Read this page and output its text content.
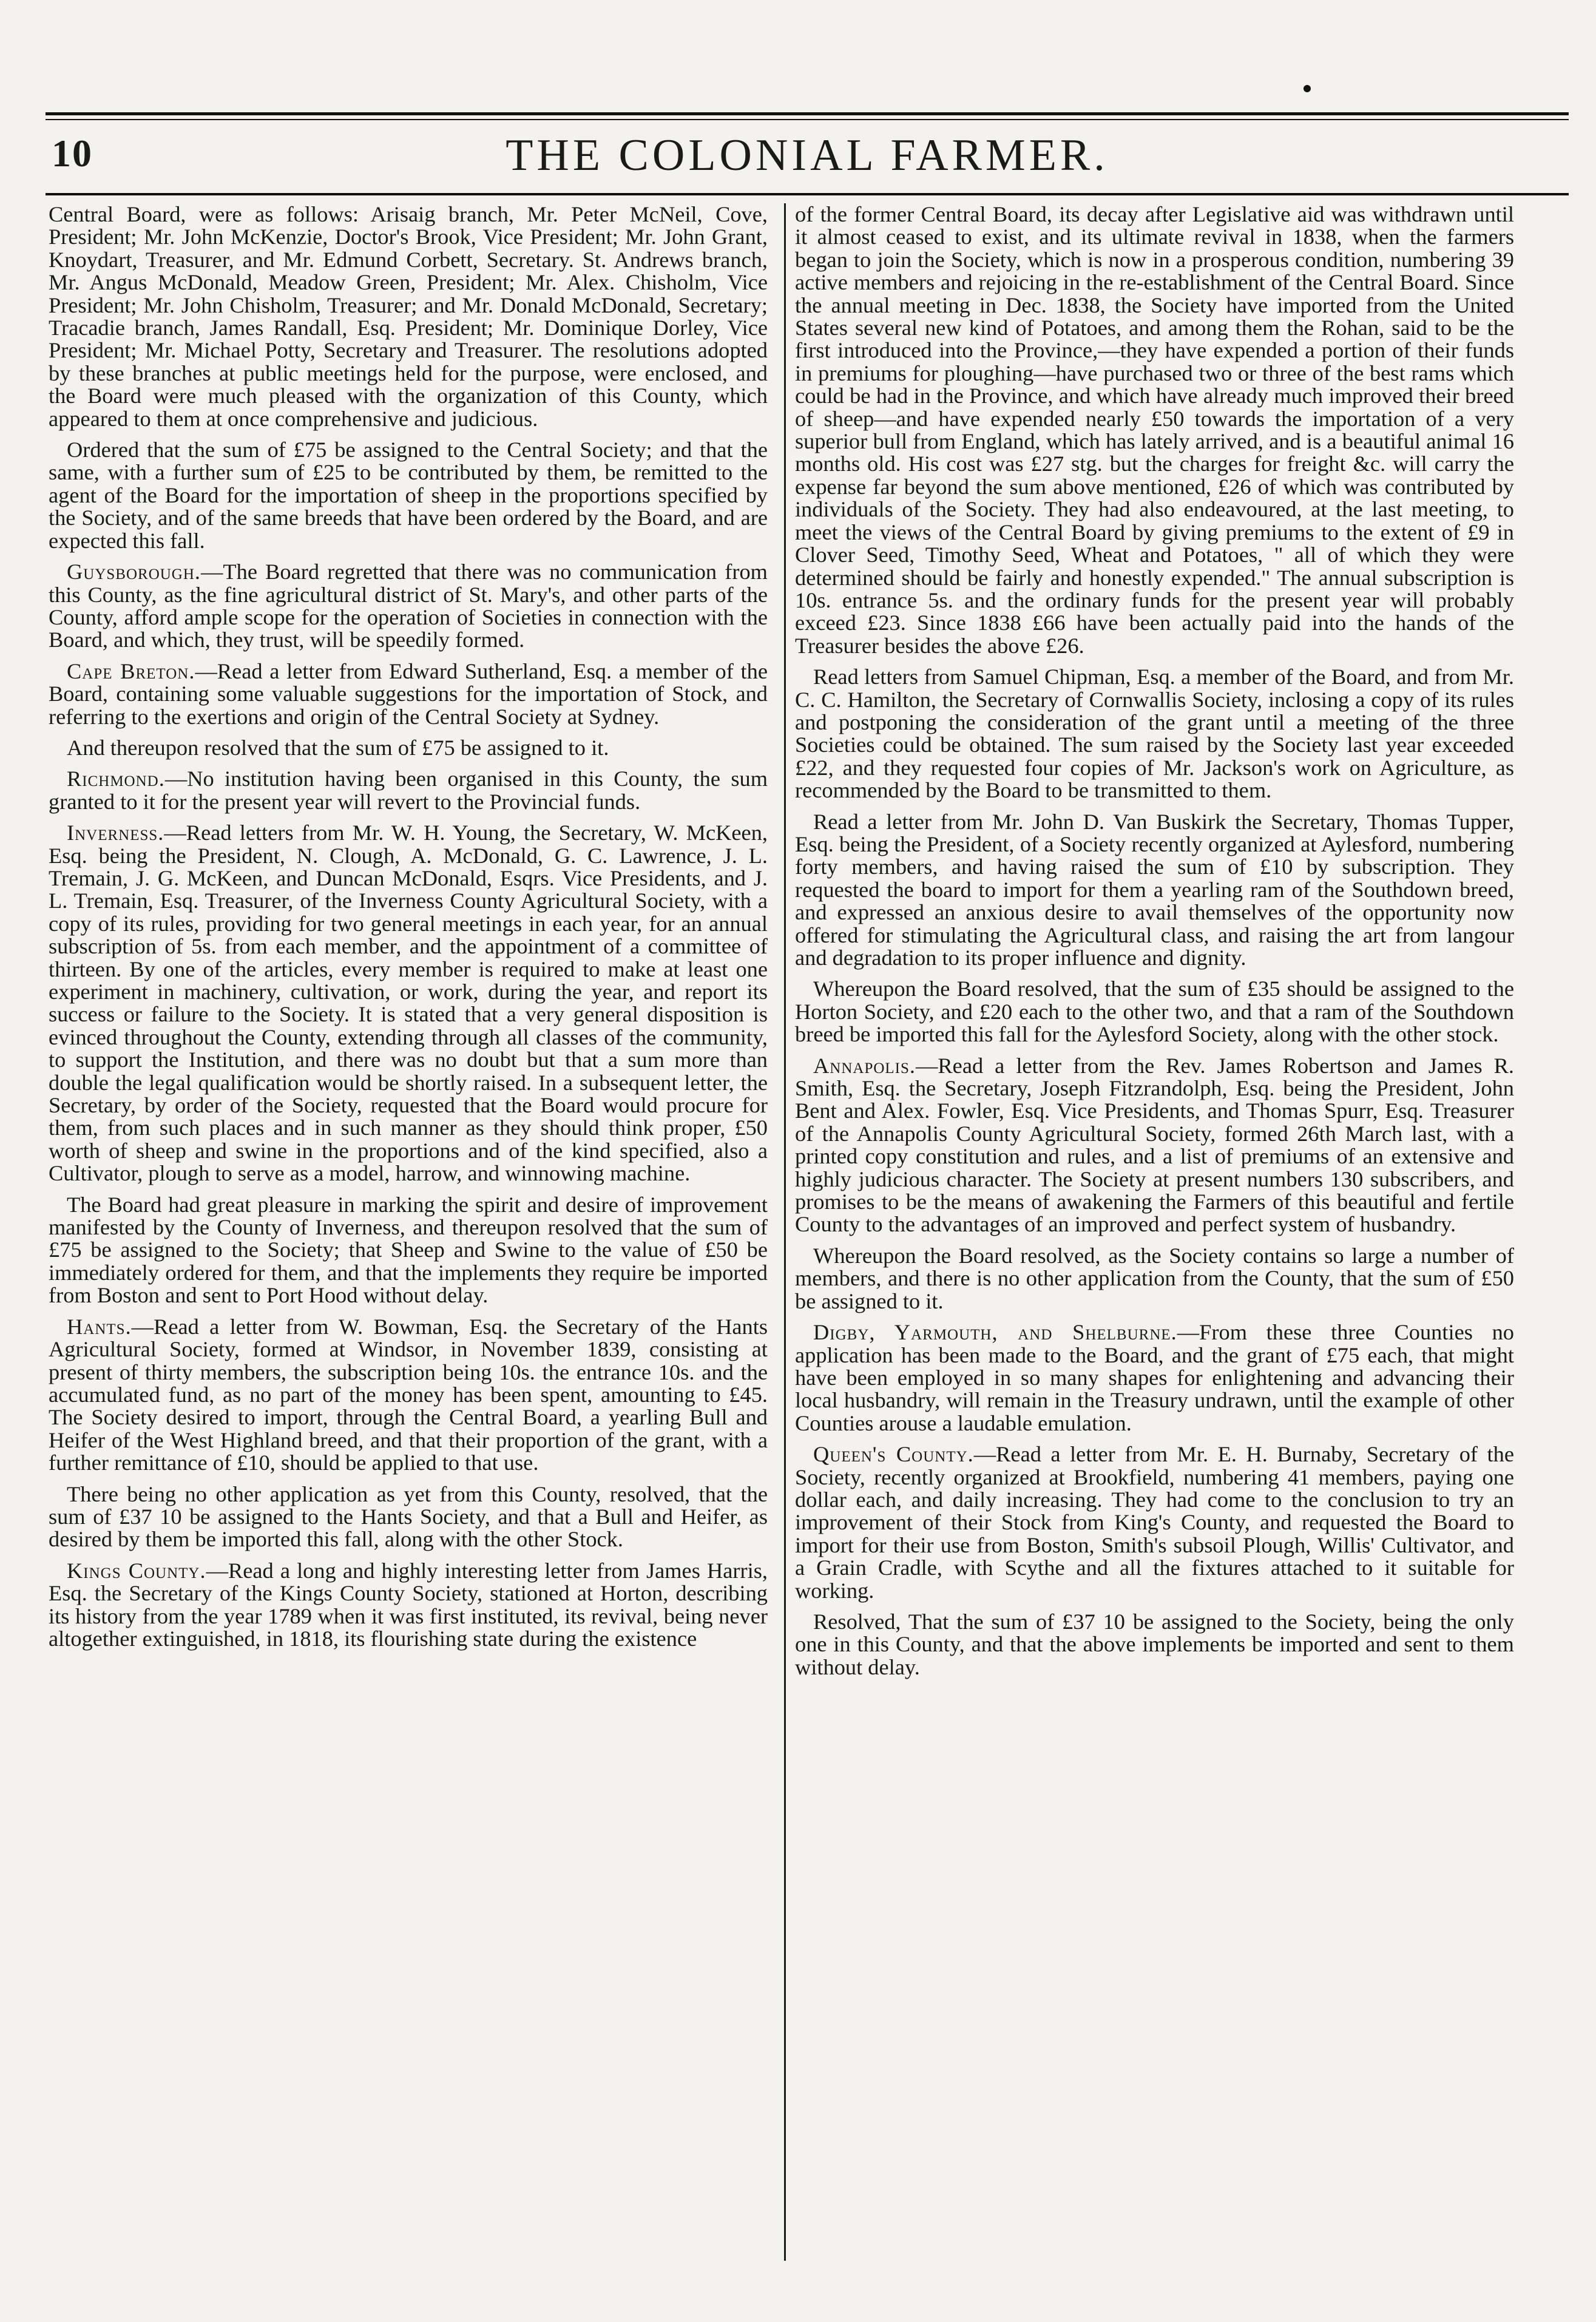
10	THE COLONIAL FARMER.

Central Board, were as follows: Arisaig branch, Mr. Peter McNeil, Cove, President; Mr. John McKenzie, Doctor's Brook, Vice President; Mr. John Grant, Knoydart, Treasurer, and Mr. Edmund Corbett, Secretary. St. Andrews branch, Mr. Angus McDonald, Meadow Green, President; Mr. Alex. Chisholm, Vice President; Mr. John Chisholm, Treasurer; and Mr. Donald McDonald, Secretary; Tracadie branch, James Randall, Esq. President; Mr. Dominique Dorley, Vice President; Mr. Michael Potty, Secretary and Treasurer. The resolutions adopted by these branches at public meetings held for the purpose, were enclosed, and the Board were much pleased with the organization of this County, which appeared to them at once comprehensive and judicious.

Ordered that the sum of £75 be assigned to the Central Society; and that the same, with a further sum of £25 to be contributed by them, be remitted to the agent of the Board for the importation of sheep in the proportions specified by the Society, and of the same breeds that have been ordered by the Board, and are expected this fall.

Guysborough.—The Board regretted that there was no communication from this County, as the fine agricultural district of St. Mary's, and other parts of the County, afford ample scope for the operation of Societies in connection with the Board, and which, they trust, will be speedily formed.

Cape Breton.—Read a letter from Edward Sutherland, Esq. a member of the Board, containing some valuable suggestions for the importation of Stock, and referring to the exertions and origin of the Central Society at Sydney.

And thereupon resolved that the sum of £75 be assigned to it.

Richmond.—No institution having been organised in this County, the sum granted to it for the present year will revert to the Provincial funds.

Inverness.—Read letters from Mr. W. H. Young, the Secretary, W. McKeen, Esq. being the President, N. Clough, A. McDonald, G. C. Lawrence, J. L. Tremain, J. G. McKeen, and Duncan McDonald, Esqrs. Vice Presidents, and J. L. Tremain, Esq. Treasurer, of the Inverness County Agricultural Society, with a copy of its rules, providing for two general meetings in each year, for an annual subscription of 5s. from each member, and the appointment of a committee of thirteen. By one of the articles, every member is required to make at least one experiment in machinery, cultivation, or work, during the year, and report its success or failure to the Society. It is stated that a very general disposition is evinced throughout the County, extending through all classes of the community, to support the Institution, and there was no doubt but that a sum more than double the legal qualification would be shortly raised. In a subsequent letter, the Secretary, by order of the Society, requested that the Board would procure for them, from such places and in such manner as they should think proper, £50 worth of sheep and swine in the proportions and of the kind specified, also a Cultivator, plough to serve as a model, harrow, and winnowing machine.

The Board had great pleasure in marking the spirit and desire of improvement manifested by the County of Inverness, and thereupon resolved that the sum of £75 be assigned to the Society; that Sheep and Swine to the value of £50 be immediately ordered for them, and that the implements they require be imported from Boston and sent to Port Hood without delay.

Hants.—Read a letter from W. Bowman, Esq. the Secretary of the Hants Agricultural Society, formed at Windsor, in November 1839, consisting at present of thirty members, the subscription being 10s. the entrance 10s. and the accumulated fund, as no part of the money has been spent, amounting to £45. The Society desired to import, through the Central Board, a yearling Bull and Heifer of the West Highland breed, and that their proportion of the grant, with a further remittance of £10, should be applied to that use.

There being no other application as yet from this County, resolved, that the sum of £37 10 be assigned to the Hants Society, and that a Bull and Heifer, as desired by them be imported this fall, along with the other Stock.

Kings County.—Read a long and highly interesting letter from James Harris, Esq. the Secretary of the Kings County Society, stationed at Horton, describing its history from the year 1789 when it was first instituted, its revival, being never altogether extinguished, in 1818, its flourishing state during the existence

of the former Central Board, its decay after Legislative aid was withdrawn until it almost ceased to exist, and its ultimate revival in 1838, when the farmers began to join the Society, which is now in a prosperous condition, numbering 39 active members and rejoicing in the re-establishment of the Central Board. Since the annual meeting in Dec. 1838, the Society have imported from the United States several new kind of Potatoes, and among them the Rohan, said to be the first introduced into the Province,—they have expended a portion of their funds in premiums for ploughing—have purchased two or three of the best rams which could be had in the Province, and which have already much improved their breed of sheep—and have expended nearly £50 towards the importation of a very superior bull from England, which has lately arrived, and is a beautiful animal 16 months old. His cost was £27 stg. but the charges for freight &c. will carry the expense far beyond the sum above mentioned, £26 of which was contributed by individuals of the Society. They had also endeavoured, at the last meeting, to meet the views of the Central Board by giving premiums to the extent of £9 in Clover Seed, Timothy Seed, Wheat and Potatoes, " all of which they were determined should be fairly and honestly expended." The annual subscription is 10s. entrance 5s. and the ordinary funds for the present year will probably exceed £23. Since 1838 £66 have been actually paid into the hands of the Treasurer besides the above £26.

Read letters from Samuel Chipman, Esq. a member of the Board, and from Mr. C. C. Hamilton, the Secretary of Cornwallis Society, inclosing a copy of its rules and postponing the consideration of the grant until a meeting of the three Societies could be obtained. The sum raised by the Society last year exceeded £22, and they requested four copies of Mr. Jackson's work on Agriculture, as recommended by the Board to be transmitted to them.

Read a letter from Mr. John D. Van Buskirk the Secretary, Thomas Tupper, Esq. being the President, of a Society recently organized at Aylesford, numbering forty members, and having raised the sum of £10 by subscription. They requested the board to import for them a yearling ram of the Southdown breed, and expressed an anxious desire to avail themselves of the opportunity now offered for stimulating the Agricultural class, and raising the art from langour and degradation to its proper influence and dignity.

Whereupon the Board resolved, that the sum of £35 should be assigned to the Horton Society, and £20 each to the other two, and that a ram of the Southdown breed be imported this fall for the Aylesford Society, along with the other stock.

Annapolis.—Read a letter from the Rev. James Robertson and James R. Smith, Esq. the Secretary, Joseph Fitzrandolph, Esq. being the President, John Bent and Alex. Fowler, Esq. Vice Presidents, and Thomas Spurr, Esq. Treasurer of the Annapolis County Agricultural Society, formed 26th March last, with a printed copy constitution and rules, and a list of premiums of an extensive and highly judicious character. The Society at present numbers 130 subscribers, and promises to be the means of awakening the Farmers of this beautiful and fertile County to the advantages of an improved and perfect system of husbandry.

Whereupon the Board resolved, as the Society contains so large a number of members, and there is no other application from the County, that the sum of £50 be assigned to it.

Digby, Yarmouth, and Shelburne.—From these three Counties no application has been made to the Board, and the grant of £75 each, that might have been employed in so many shapes for enlightening and advancing their local husbandry, will remain in the Treasury undrawn, until the example of other Counties arouse a laudable emulation.

Queen's County.—Read a letter from Mr. E. H. Burnaby, Secretary of the Society, recently organized at Brookfield, numbering 41 members, paying one dollar each, and daily increasing. They had come to the conclusion to try an improvement of their Stock from King's County, and requested the Board to import for their use from Boston, Smith's subsoil Plough, Willis' Cultivator, and a Grain Cradle, with Scythe and all the fixtures attached to it suitable for working.

Resolved, That the sum of £37 10 be assigned to the Society, being the only one in this County, and that the above implements be imported and sent to them without delay.
